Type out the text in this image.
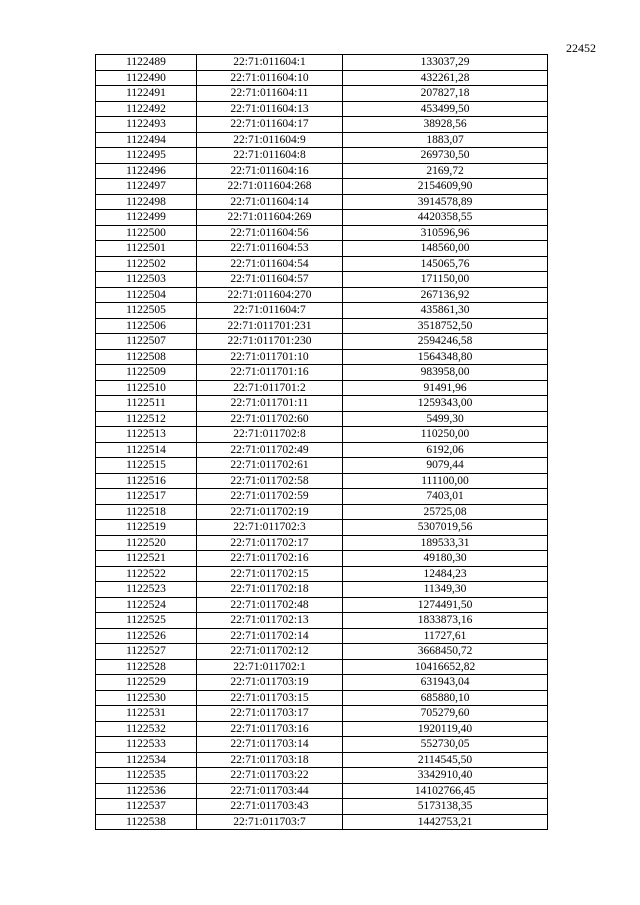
22452
1122489	22:71:011604:1	133037,29
1122490	22:71:011604:10	432261,28
1122491	22:71:011604:11	207827,18
1122492	22:71:011604:13	453499,50
1122493	22:71:011604:17	38928,56
1122494	22:71:011604:9	1883,07
1122495	22:71:011604:8	269730,50
1122496	22:71:011604:16	2169,72
1122497	22:71:011604:268	2154609,90
1122498	22:71:011604:14	3914578,89
1122499	22:71:011604:269	4420358,55
1122500	22:71:011604:56	310596,96
1122501	22:71:011604:53	148560,00
1122502	22:71:011604:54	145065,76
1122503	22:71:011604:57	171150,00
1122504	22:71:011604:270	267136,92
1122505	22:71:011604:7	435861,30
1122506	22:71:011701:231	3518752,50
1122507	22:71:011701:230	2594246,58
1122508	22:71:011701:10	1564348,80
1122509	22:71:011701:16	983958,00
1122510	22:71:011701:2	91491,96
1122511	22:71:011701:11	1259343,00
1122512	22:71:011702:60	5499,30
1122513	22:71:011702:8	110250,00
1122514	22:71:011702:49	6192,06
1122515	22:71:011702:61	9079,44
1122516	22:71:011702:58	111100,00
1122517	22:71:011702:59	7403,01
1122518	22:71:011702:19	25725,08
1122519	22:71:011702:3	5307019,56
1122520	22:71:011702:17	189533,31
1122521	22:71:011702:16	49180,30
1122522	22:71:011702:15	12484,23
1122523	22:71:011702:18	11349,30
1122524	22:71:011702:48	1274491,50
1122525	22:71:011702:13	1833873,16
1122526	22:71:011702:14	11727,61
1122527	22:71:011702:12	3668450,72
1122528	22:71:011702:1	10416652,82
1122529	22:71:011703:19	631943,04
1122530	22:71:011703:15	685880,10
1122531	22:71:011703:17	705279,60
1122532	22:71:011703:16	1920119,40
1122533	22:71:011703:14	552730,05
1122534	22:71:011703:18	2114545,50
1122535	22:71:011703:22	3342910,40
1122536	22:71:011703:44	14102766,45
1122537	22:71:011703:43	5173138,35
1122538	22:71:011703:7	1442753,21
